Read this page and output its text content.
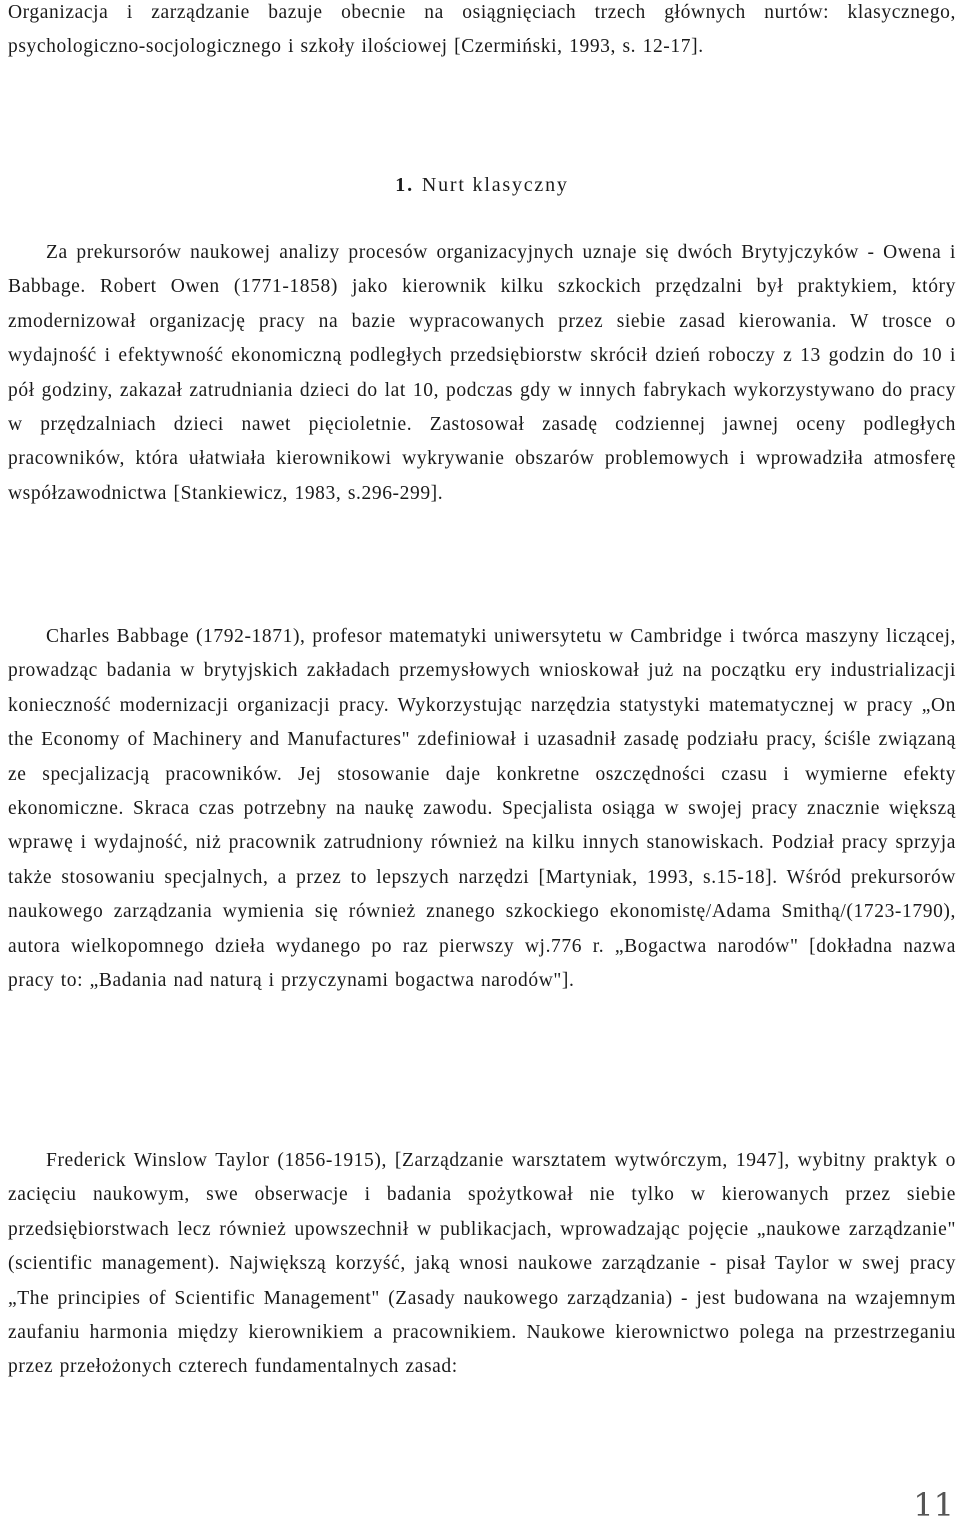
Organizacja i zarządzanie bazuje obecnie na osiągnięciach trzech głównych nurtów: klasycznego, psychologiczno-socjologicznego i szkoły ilościowej [Czermiński, 1993, s. 12-17].

1. Nurt klasyczny

Za prekursorów naukowej analizy procesów organizacyjnych uznaje się dwóch Brytyjczyków - Owena i Babbage. Robert Owen (1771-1858) jako kierownik kilku szkockich przędzalni był praktykiem, który zmodernizował organizację pracy na bazie wypracowanych przez siebie zasad kierowania. W trosce o wydajność i efektywność ekonomiczną podległych przedsiębiorstw skrócił dzień roboczy z 13 godzin do 10 i pół godziny, zakazał zatrudniania dzieci do lat 10, podczas gdy w innych fabrykach wykorzystywano do pracy w przędzalniach dzieci nawet pięcioletnie. Zastosował zasadę codziennej jawnej oceny podległych pracowników, która ułatwiała kierownikowi wykrywanie obszarów problemowych i wprowadziła atmosferę współzawodnictwa [Stankiewicz, 1983, s.296-299].

Charles Babbage (1792-1871), profesor matematyki uniwersytetu w Cambridge i twórca maszyny liczącej, prowadząc badania w brytyjskich zakładach przemysłowych wnioskował już na początku ery industrializacji konieczność modernizacji organizacji pracy. Wykorzystując narzędzia statystyki matematycznej w pracy „On the Economy of Machinery and Manufactures" zdefiniował i uzasadnił zasadę podziału pracy, ściśle związaną ze specjalizacją pracowników. Jej stosowanie daje konkretne oszczędności czasu i wymierne efekty ekonomiczne. Skraca czas potrzebny na naukę zawodu. Specjalista osiąga w swojej pracy znacznie większą wprawę i wydajność, niż pracownik zatrudniony również na kilku innych stanowiskach. Podział pracy sprzyja także stosowaniu specjalnych, a przez to lepszych narzędzi [Martyniak, 1993, s.15-18]. Wśród prekursorów naukowego zarządzania wymienia się również znanego szkockiego ekonomistę/Adama Smithą/(1723-1790), autora wielkopomnego dzieła wydanego po raz pierwszy wj.776 r. „Bogactwa narodów" [dokładna nazwa pracy to: „Badania nad naturą i przyczynami bogactwa narodów"].

Frederick Winslow Taylor (1856-1915), [Zarządzanie warsztatem wytwórczym, 1947], wybitny praktyk o zacięciu naukowym, swe obserwacje i badania spożytkował nie tylko w kierowanych przez siebie przedsiębiorstwach lecz również upowszechnił w publikacjach, wprowadzając pojęcie „naukowe zarządzanie" (scientific management). Największą korzyść, jaką wnosi naukowe zarządzanie - pisał Taylor w swej pracy „The principies of Scientific Management" (Zasady naukowego zarządzania) - jest budowana na wzajemnym zaufaniu harmonia między kierownikiem a pracownikiem. Naukowe kierownictwo polega na przestrzeganiu przez przełożonych czterech fundamentalnych zasad:

11
